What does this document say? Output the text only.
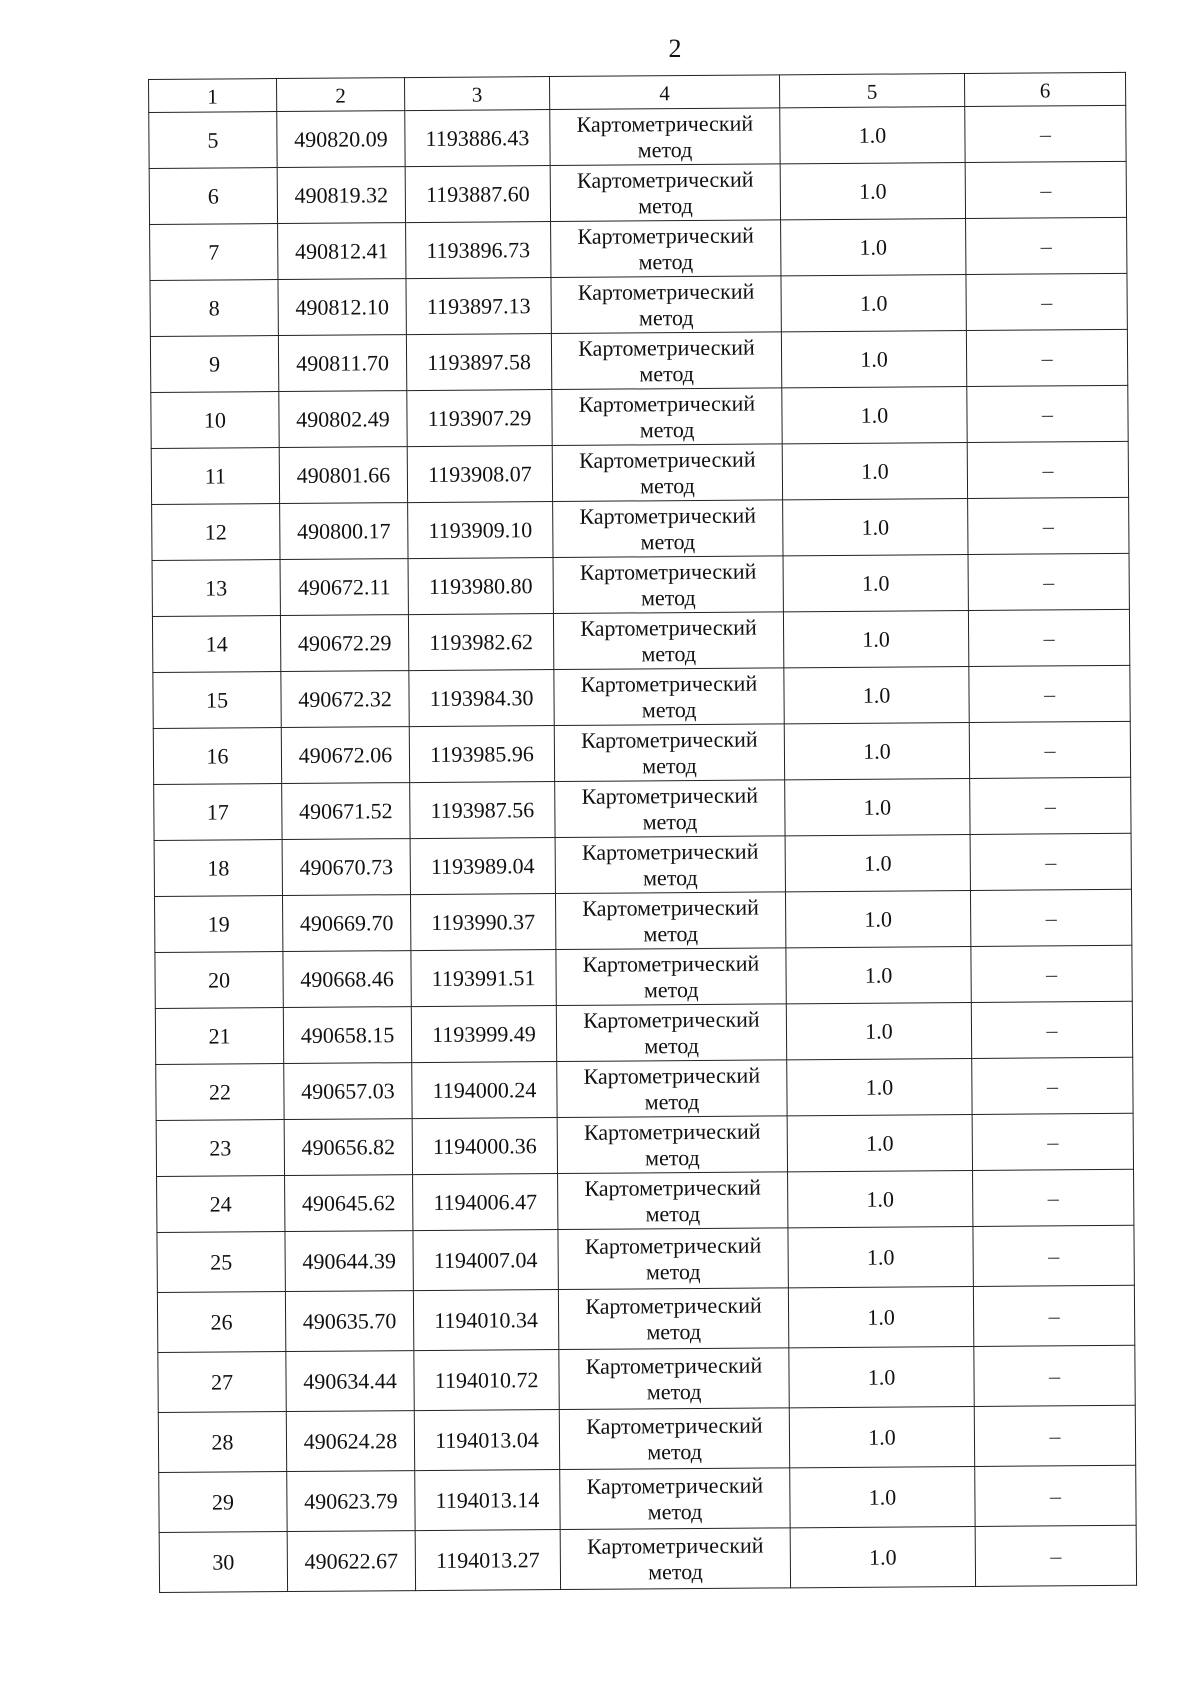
2
1	2	3	4	5	6
5	490820.09	1193886.43	Картометрический метод	1.0	–
6	490819.32	1193887.60	Картометрический метод	1.0	–
7	490812.41	1193896.73	Картометрический метод	1.0	–
8	490812.10	1193897.13	Картометрический метод	1.0	–
9	490811.70	1193897.58	Картометрический метод	1.0	–
10	490802.49	1193907.29	Картометрический метод	1.0	–
11	490801.66	1193908.07	Картометрический метод	1.0	–
12	490800.17	1193909.10	Картометрический метод	1.0	–
13	490672.11	1193980.80	Картометрический метод	1.0	–
14	490672.29	1193982.62	Картометрический метод	1.0	–
15	490672.32	1193984.30	Картометрический метод	1.0	–
16	490672.06	1193985.96	Картометрический метод	1.0	–
17	490671.52	1193987.56	Картометрический метод	1.0	–
18	490670.73	1193989.04	Картометрический метод	1.0	–
19	490669.70	1193990.37	Картометрический метод	1.0	–
20	490668.46	1193991.51	Картометрический метод	1.0	–
21	490658.15	1193999.49	Картометрический метод	1.0	–
22	490657.03	1194000.24	Картометрический метод	1.0	–
23	490656.82	1194000.36	Картометрический метод	1.0	–
24	490645.62	1194006.47	Картометрический метод	1.0	–
25	490644.39	1194007.04	Картометрический метод	1.0	–
26	490635.70	1194010.34	Картометрический метод	1.0	–
27	490634.44	1194010.72	Картометрический метод	1.0	–
28	490624.28	1194013.04	Картометрический метод	1.0	–
29	490623.79	1194013.14	Картометрический метод	1.0	–
30	490622.67	1194013.27	Картометрический метод	1.0	–
